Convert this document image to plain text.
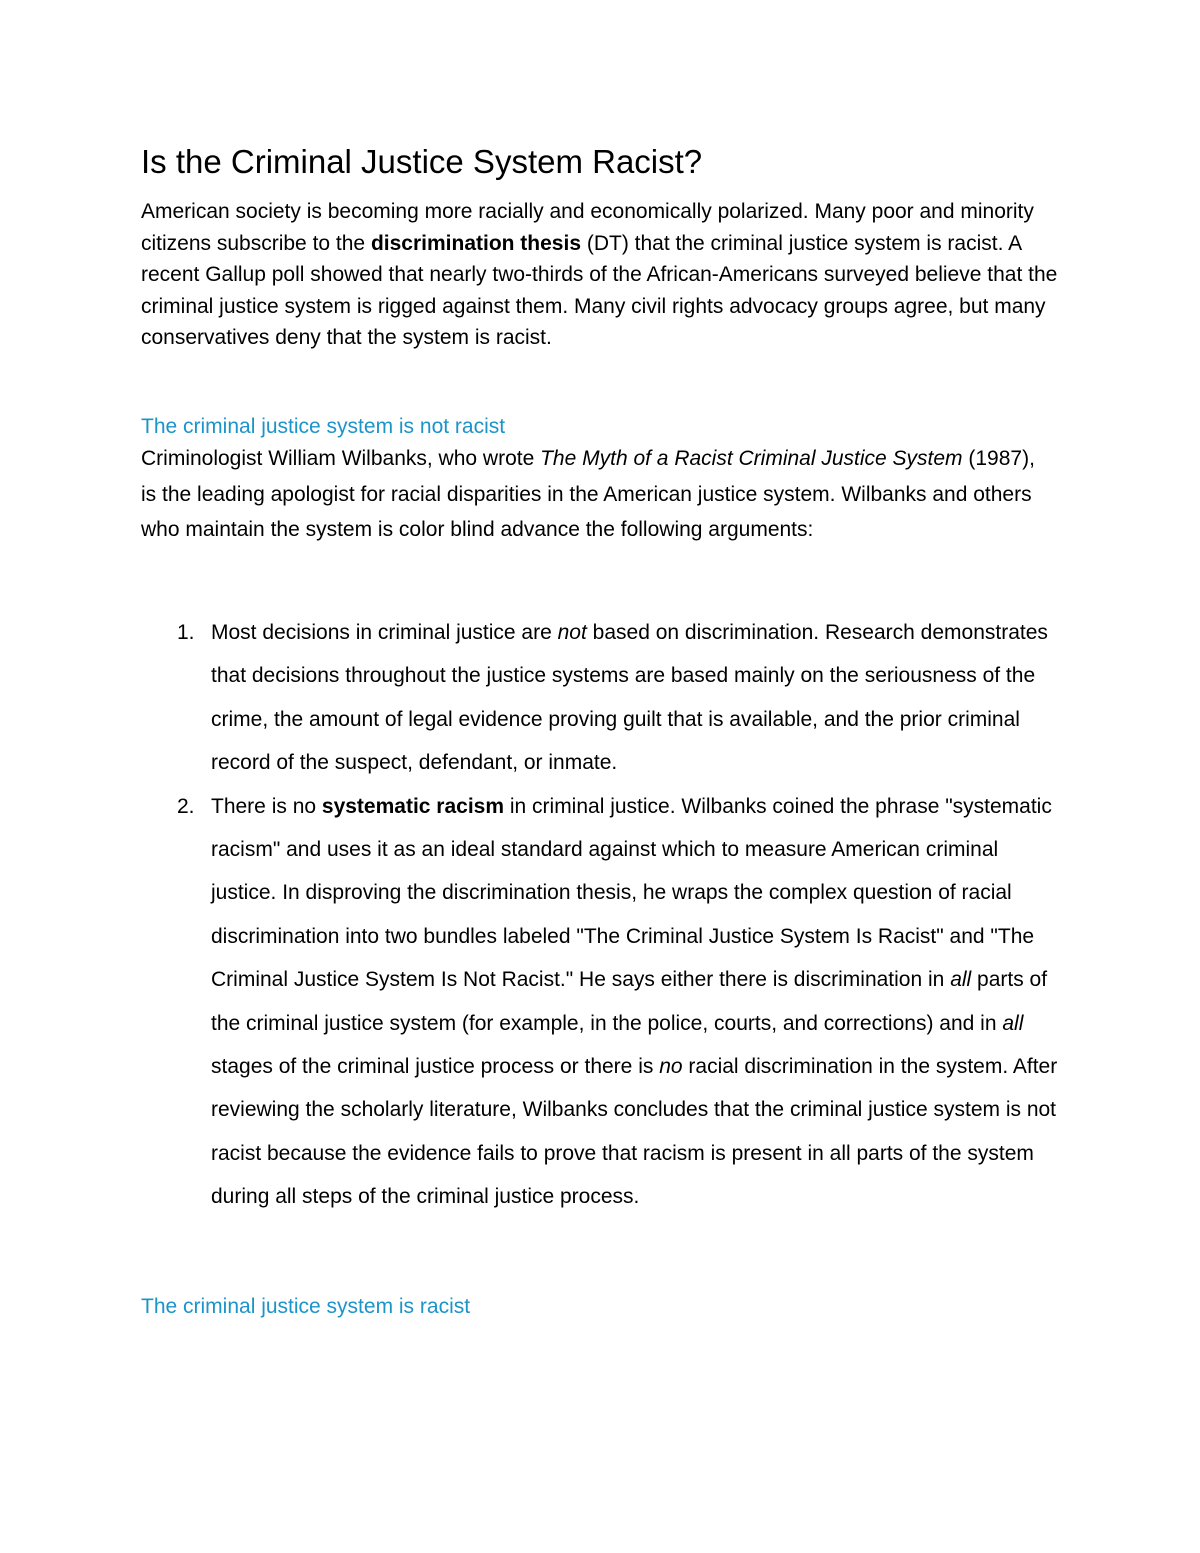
Is the Criminal Justice System Racist?

American society is becoming more racially and economically polarized. Many poor and minority citizens subscribe to the discrimination thesis (DT) that the criminal justice system is racist. A recent Gallup poll showed that nearly two-thirds of the African-Americans surveyed believe that the criminal justice system is rigged against them. Many civil rights advocacy groups agree, but many conservatives deny that the system is racist.

The criminal justice system is not racist

Criminologist William Wilbanks, who wrote The Myth of a Racist Criminal Justice System (1987), is the leading apologist for racial disparities in the American justice system. Wilbanks and others who maintain the system is color blind advance the following arguments:

1. Most decisions in criminal justice are not based on discrimination. Research demonstrates that decisions throughout the justice systems are based mainly on the seriousness of the crime, the amount of legal evidence proving guilt that is available, and the prior criminal record of the suspect, defendant, or inmate.
2. There is no systematic racism in criminal justice. Wilbanks coined the phrase "systematic racism" and uses it as an ideal standard against which to measure American criminal justice. In disproving the discrimination thesis, he wraps the complex question of racial discrimination into two bundles labeled "The Criminal Justice System Is Racist" and "The Criminal Justice System Is Not Racist." He says either there is discrimination in all parts of the criminal justice system (for example, in the police, courts, and corrections) and in all stages of the criminal justice process or there is no racial discrimination in the system. After reviewing the scholarly literature, Wilbanks concludes that the criminal justice system is not racist because the evidence fails to prove that racism is present in all parts of the system during all steps of the criminal justice process.
The criminal justice system is racist
